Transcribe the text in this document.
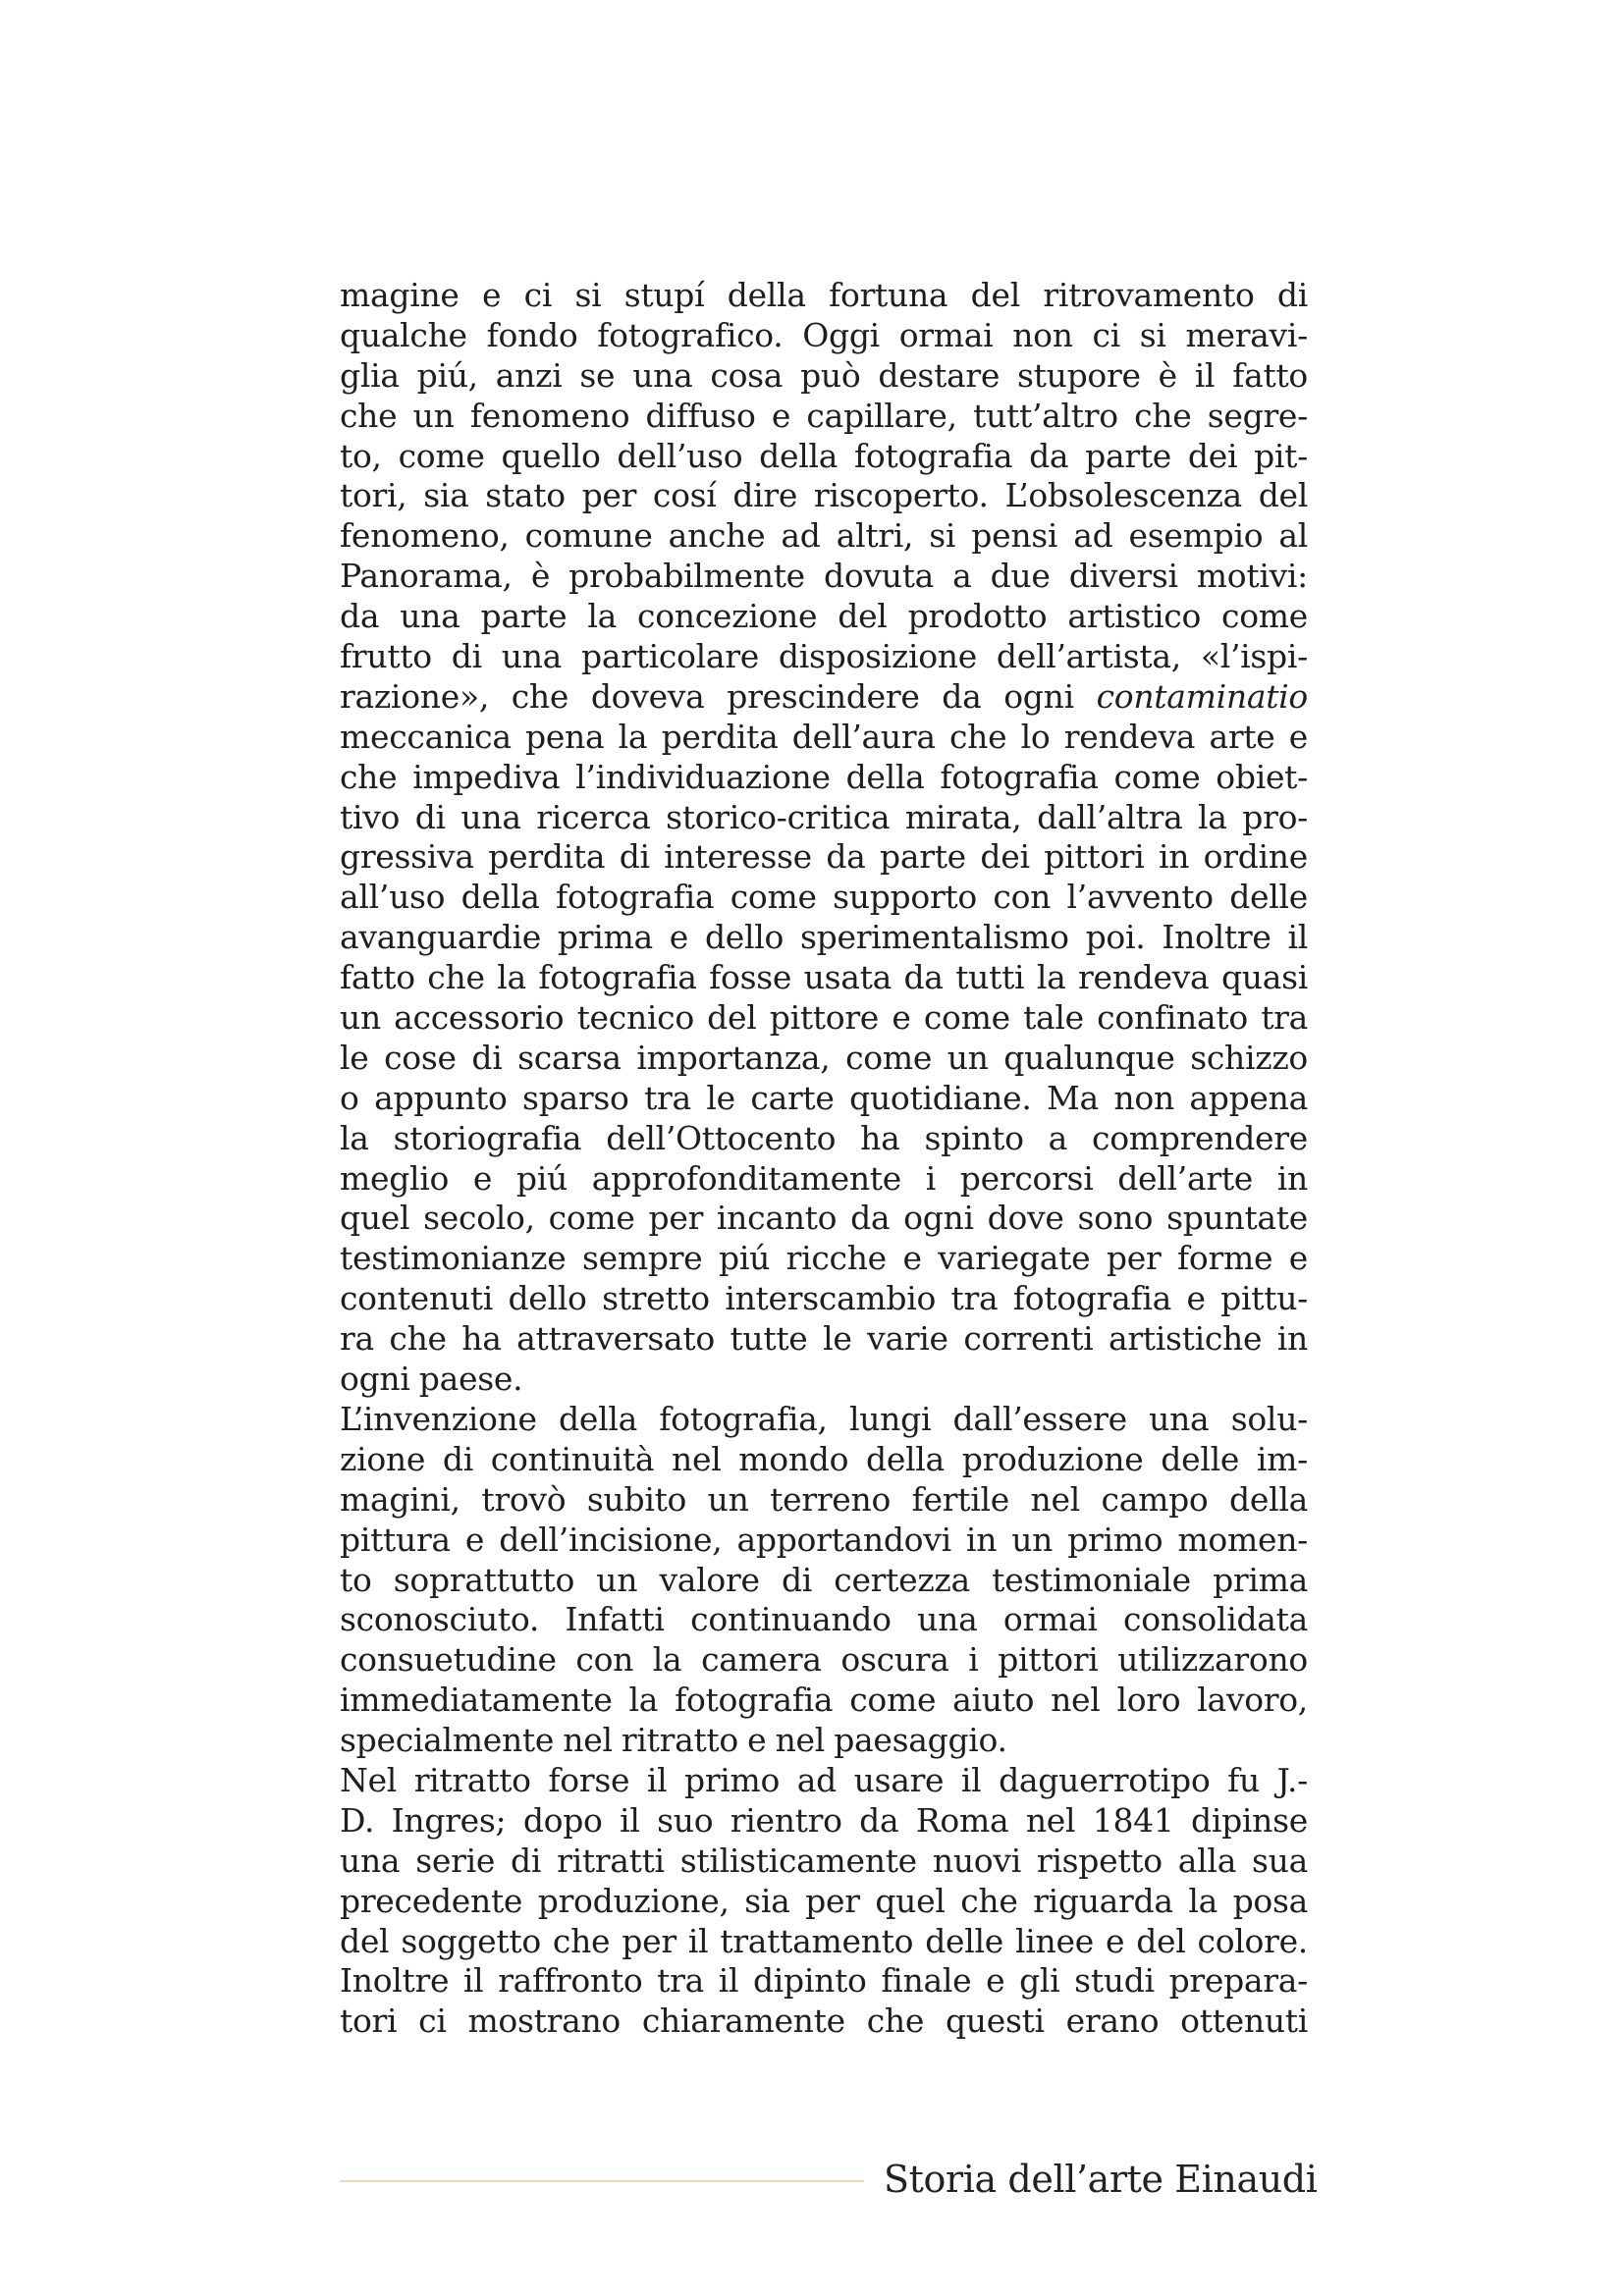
magine e ci si stupí della fortuna del ritrovamento di
qualche fondo fotografico. Oggi ormai non ci si meravi-
glia piú, anzi se una cosa può destare stupore è il fatto
che un fenomeno diffuso e capillare, tutt’altro che segre-
to, come quello dell’uso della fotografia da parte dei pit-
tori, sia stato per cosí dire riscoperto. L’obsolescenza del
fenomeno, comune anche ad altri, si pensi ad esempio al
Panorama, è probabilmente dovuta a due diversi motivi:
da una parte la concezione del prodotto artistico come
frutto di una particolare disposizione dell’artista, «l’ispi-
razione», che doveva prescindere da ogni contaminatio
meccanica pena la perdita dell’aura che lo rendeva arte e
che impediva l’individuazione della fotografia come obiet-
tivo di una ricerca storico-critica mirata, dall’altra la pro-
gressiva perdita di interesse da parte dei pittori in ordine
all’uso della fotografia come supporto con l’avvento delle
avanguardie prima e dello sperimentalismo poi. Inoltre il
fatto che la fotografia fosse usata da tutti la rendeva quasi
un accessorio tecnico del pittore e come tale confinato tra
le cose di scarsa importanza, come un qualunque schizzo
o appunto sparso tra le carte quotidiane. Ma non appena
la storiografia dell’Ottocento ha spinto a comprendere
meglio e piú approfonditamente i percorsi dell’arte in
quel secolo, come per incanto da ogni dove sono spuntate
testimonianze sempre piú ricche e variegate per forme e
contenuti dello stretto interscambio tra fotografia e pittu-
ra che ha attraversato tutte le varie correnti artistiche in
ogni paese.
L’invenzione della fotografia, lungi dall’essere una solu-
zione di continuità nel mondo della produzione delle im-
magini, trovò subito un terreno fertile nel campo della
pittura e dell’incisione, apportandovi in un primo momen-
to soprattutto un valore di certezza testimoniale prima
sconosciuto. Infatti continuando una ormai consolidata
consuetudine con la camera oscura i pittori utilizzarono
immediatamente la fotografia come aiuto nel loro lavoro,
specialmente nel ritratto e nel paesaggio.
Nel ritratto forse il primo ad usare il daguerrotipo fu J.-
D. Ingres; dopo il suo rientro da Roma nel 1841 dipinse
una serie di ritratti stilisticamente nuovi rispetto alla sua
precedente produzione, sia per quel che riguarda la posa
del soggetto che per il trattamento delle linee e del colore.
Inoltre il raffronto tra il dipinto finale e gli studi prepara-
tori ci mostrano chiaramente che questi erano ottenuti
Storia dell’arte Einaudi
